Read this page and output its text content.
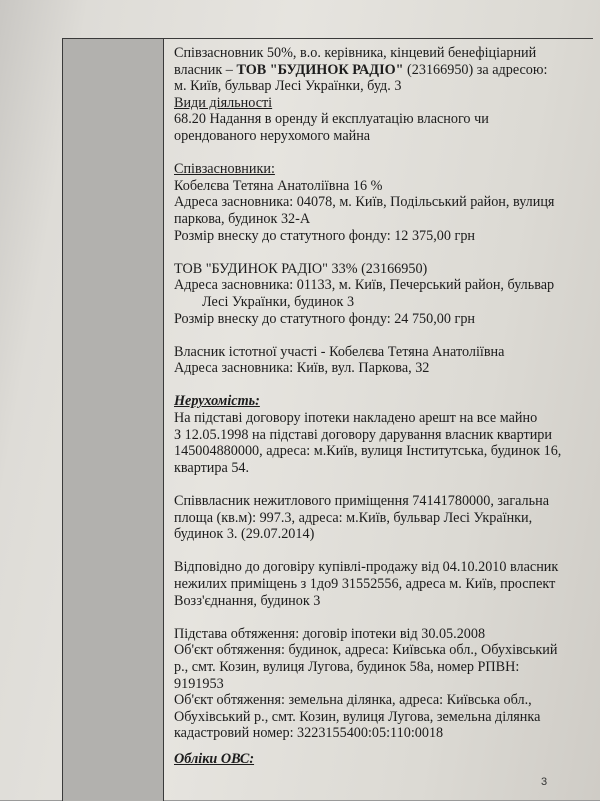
Співзасновник 50%, в.о. керівника, кінцевий бенефіціарний

власник – ТОВ "БУДИНОК РАДІО" (23166950) за адресою:

м. Київ, бульвар Лесі Українки, буд. 3

Види діяльності

68.20 Надання в оренду й експлуатацію власного чи

орендованого нерухомого майна

Співзасновники:

Кобелєва Тетяна Анатоліївна 16 %

Адреса засновника: 04078, м. Київ, Подільський район, вулиця

паркова, будинок 32-А

Розмір внеску до статутного фонду: 12 375,00 грн

ТОВ "БУДИНОК РАДІО" 33% (23166950)

Адреса засновника: 01133, м. Київ, Печерський район, бульвар

Лесі Українки, будинок 3

Розмір внеску до статутного фонду: 24 750,00 грн

Власник істотної участі - Кобелєва Тетяна Анатоліївна

Адреса засновника: Київ, вул. Паркова, 32

Нерухомість:

На підставі договору іпотеки накладено арешт на все майно

З 12.05.1998 на підставі договору дарування власник квартири

145004880000, адреса: м.Київ, вулиця Інститутська, будинок 16,

квартира 54.

Співвласник нежитлового приміщення 74141780000, загальна

площа (кв.м): 997.3, адреса: м.Київ, бульвар Лесі Українки,

будинок 3. (29.07.2014)

Відповідно до договіру купівлі-продажу від 04.10.2010 власник

нежилих приміщень з 1до9 31552556, адреса м. Київ, проспект

Возз'єднання, будинок 3

Підстава обтяження: договір іпотеки від 30.05.2008

Об'єкт обтяження: будинок, адреса: Київська обл., Обухівський

р., смт. Козин, вулиця Лугова, будинок 58а, номер РПВН:

9191953

Об'єкт обтяження: земельна ділянка, адреса: Київська обл.,

Обухівський р., смт. Козин, вулиця Лугова, земельна ділянка

кадастровий номер: 3223155400:05:110:0018

Обліки ОВС:

3
